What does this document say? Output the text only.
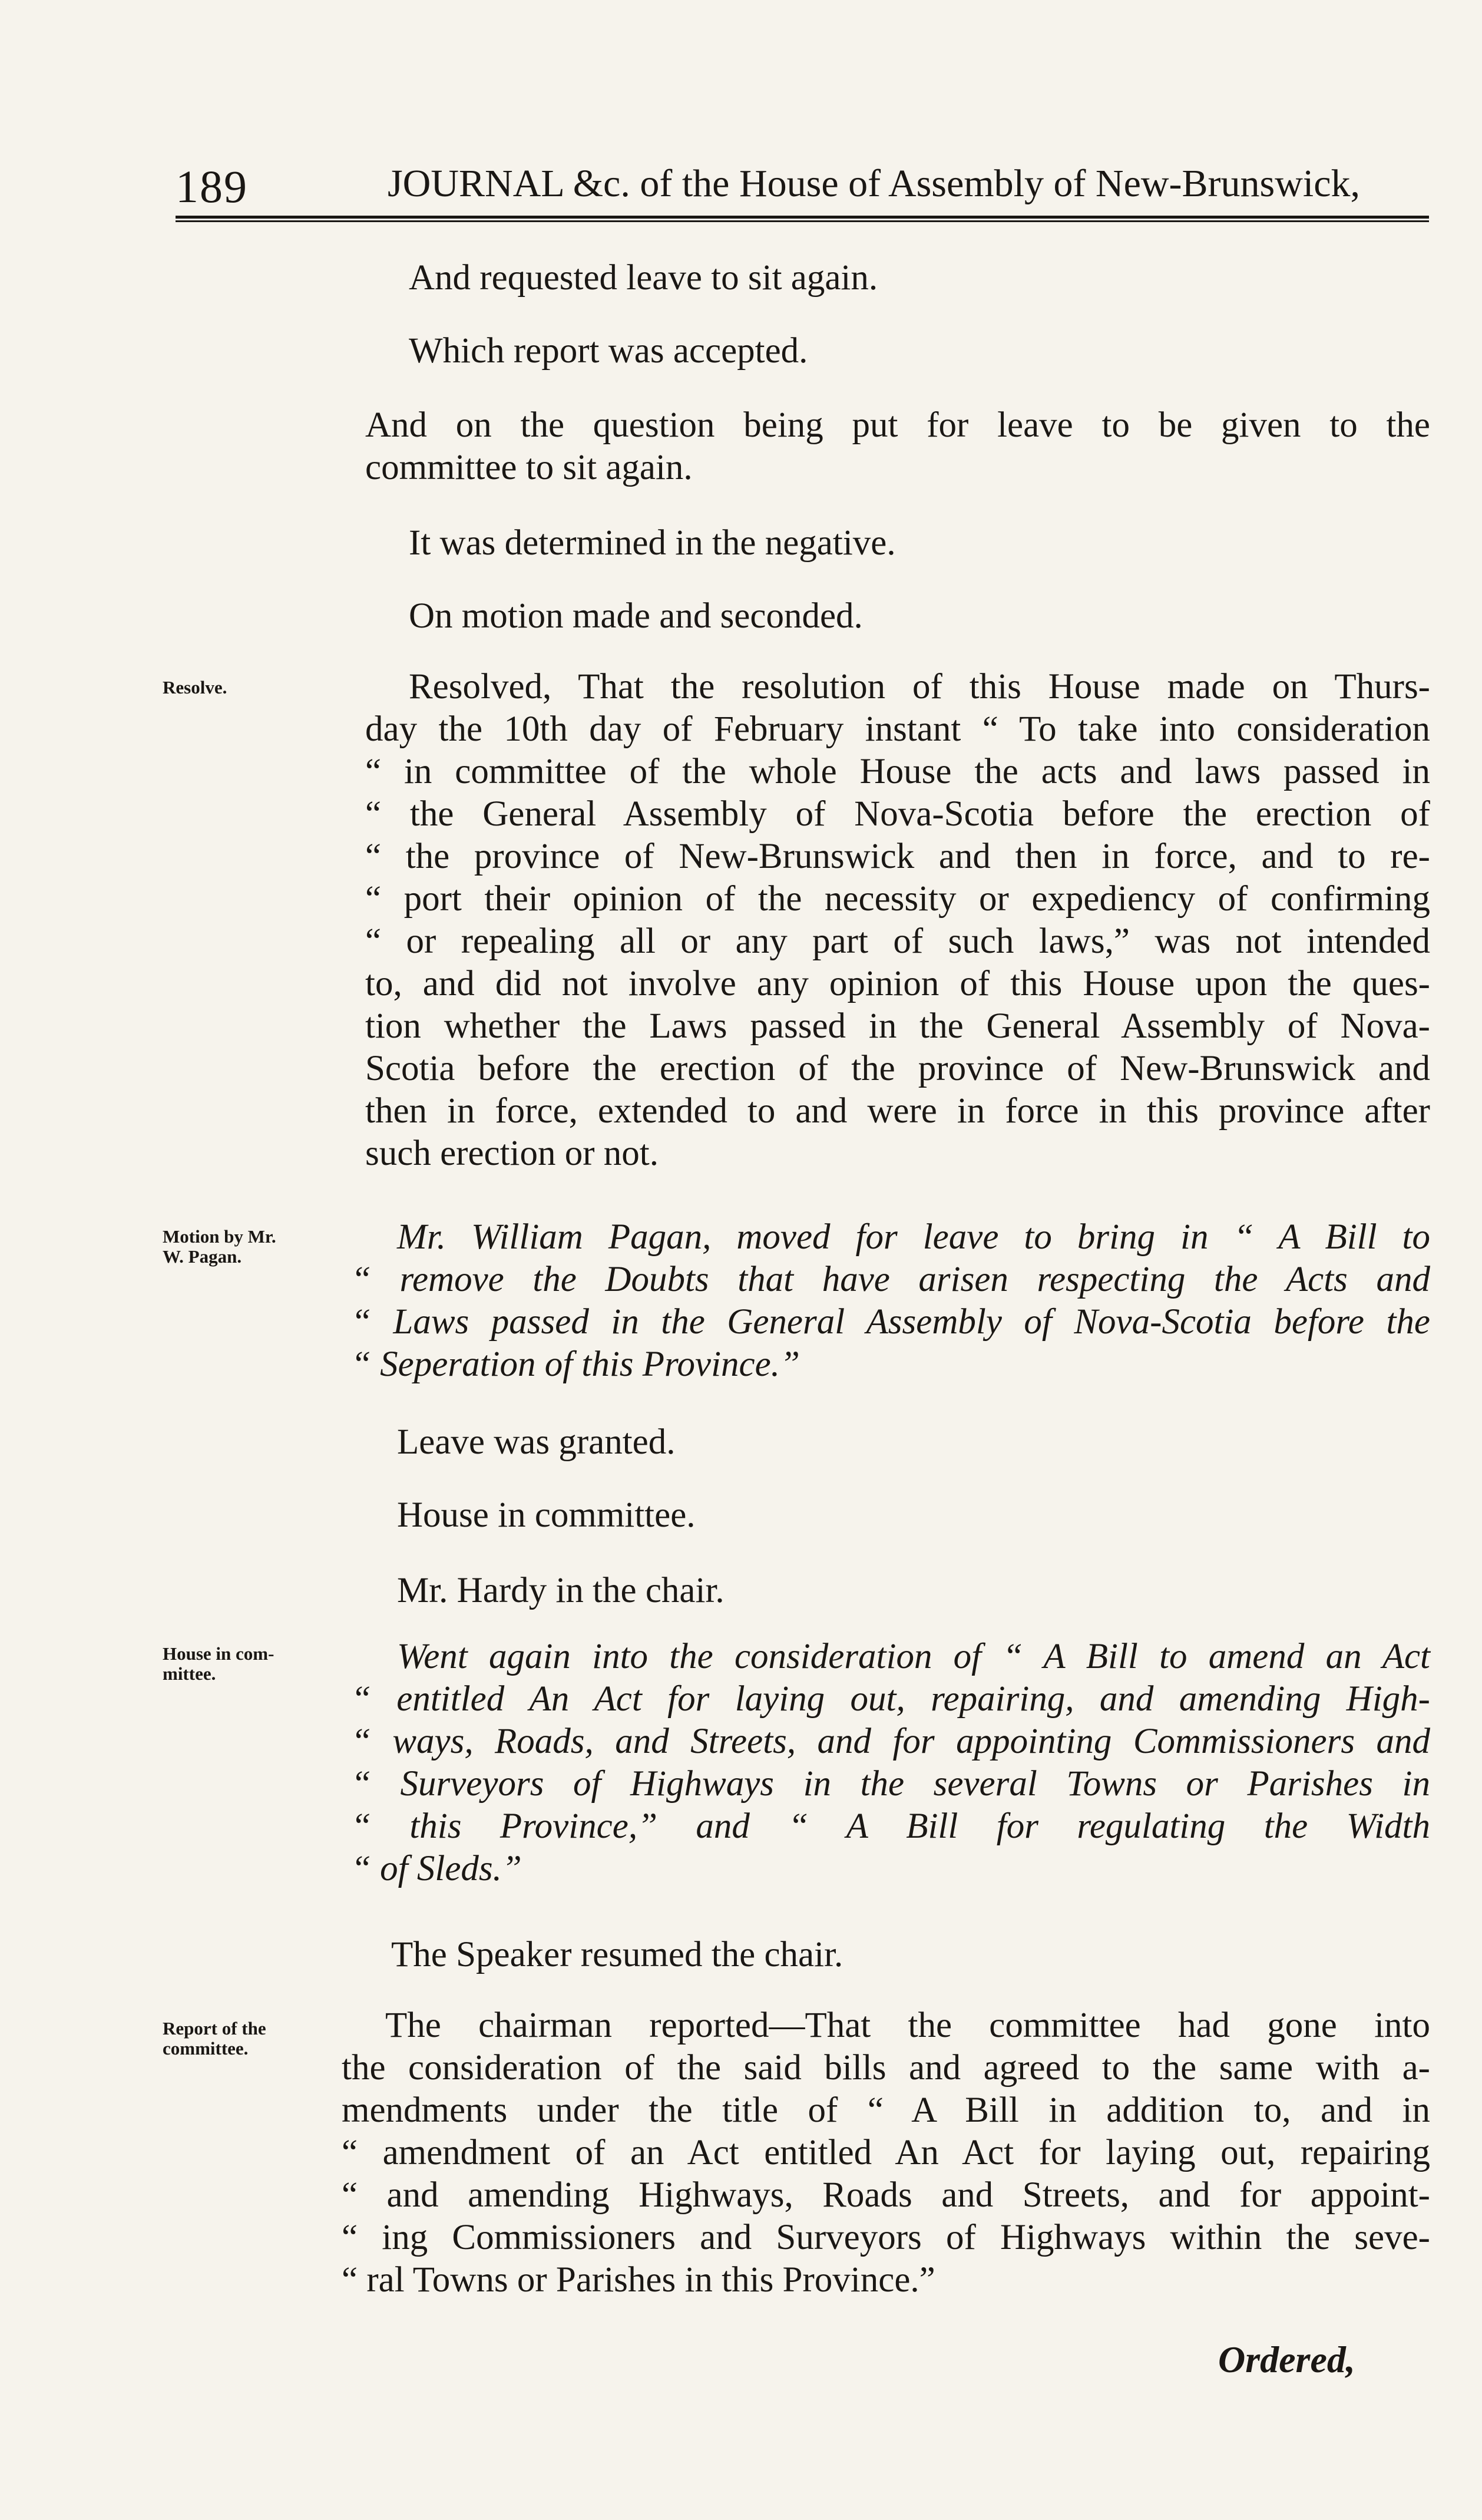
189	JOURNAL &c. of the House of Assembly of New-Brunswick,
And requested leave to sit again.
Which report was accepted.
And on the question being put for leave to be given to the
committee to sit again.
It was determined in the negative.
On motion made and seconded.
Resolve.	Resolved, That the resolution of this House made on Thurs-
day the 10th day of February instant “ To take into consideration
“ in committee of the whole House the acts and laws passed in
“ the General Assembly of Nova-Scotia before the erection of
“ the province of New-Brunswick and then in force, and to re-
“ port their opinion of the necessity or expediency of confirming
“ or repealing all or any part of such laws,” was not intended
to, and did not involve any opinion of this House upon the ques-
tion whether the Laws passed in the General Assembly of Nova-
Scotia before the erection of the province of New-Brunswick and
then in force, extended to and were in force in this province after
such erection or not.
Motion by Mr.
W. Pagan.	Mr. William Pagan, moved for leave to bring in “ A Bill to
“ remove the Doubts that have arisen respecting the Acts and
“ Laws passed in the General Assembly of Nova-Scotia before the
“ Seperation of this Province.”
Leave was granted.
House in committee.
Mr. Hardy in the chair.
House in com-
mittee.	Went again into the consideration of “ A Bill to amend an Act
“ entitled An Act for laying out, repairing, and amending High-
“ ways, Roads, and Streets, and for appointing Commissioners and
“ Surveyors of Highways in the several Towns or Parishes in
“ this Province,” and “ A Bill for regulating the Width
“ of Sleds.”
The Speaker resumed the chair.
Report of the
committee.
The chairman reported—That the committee had gone into
the consideration of the said bills and agreed to the same with a-
mendments under the title of “ A Bill in addition to, and in
“ amendment of an Act entitled An Act for laying out, repairing
“ and amending Highways, Roads and Streets, and for appoint-
“ ing Commissioners and Surveyors of Highways within the seve-
“ ral Towns or Parishes in this Province.”
Ordered,
